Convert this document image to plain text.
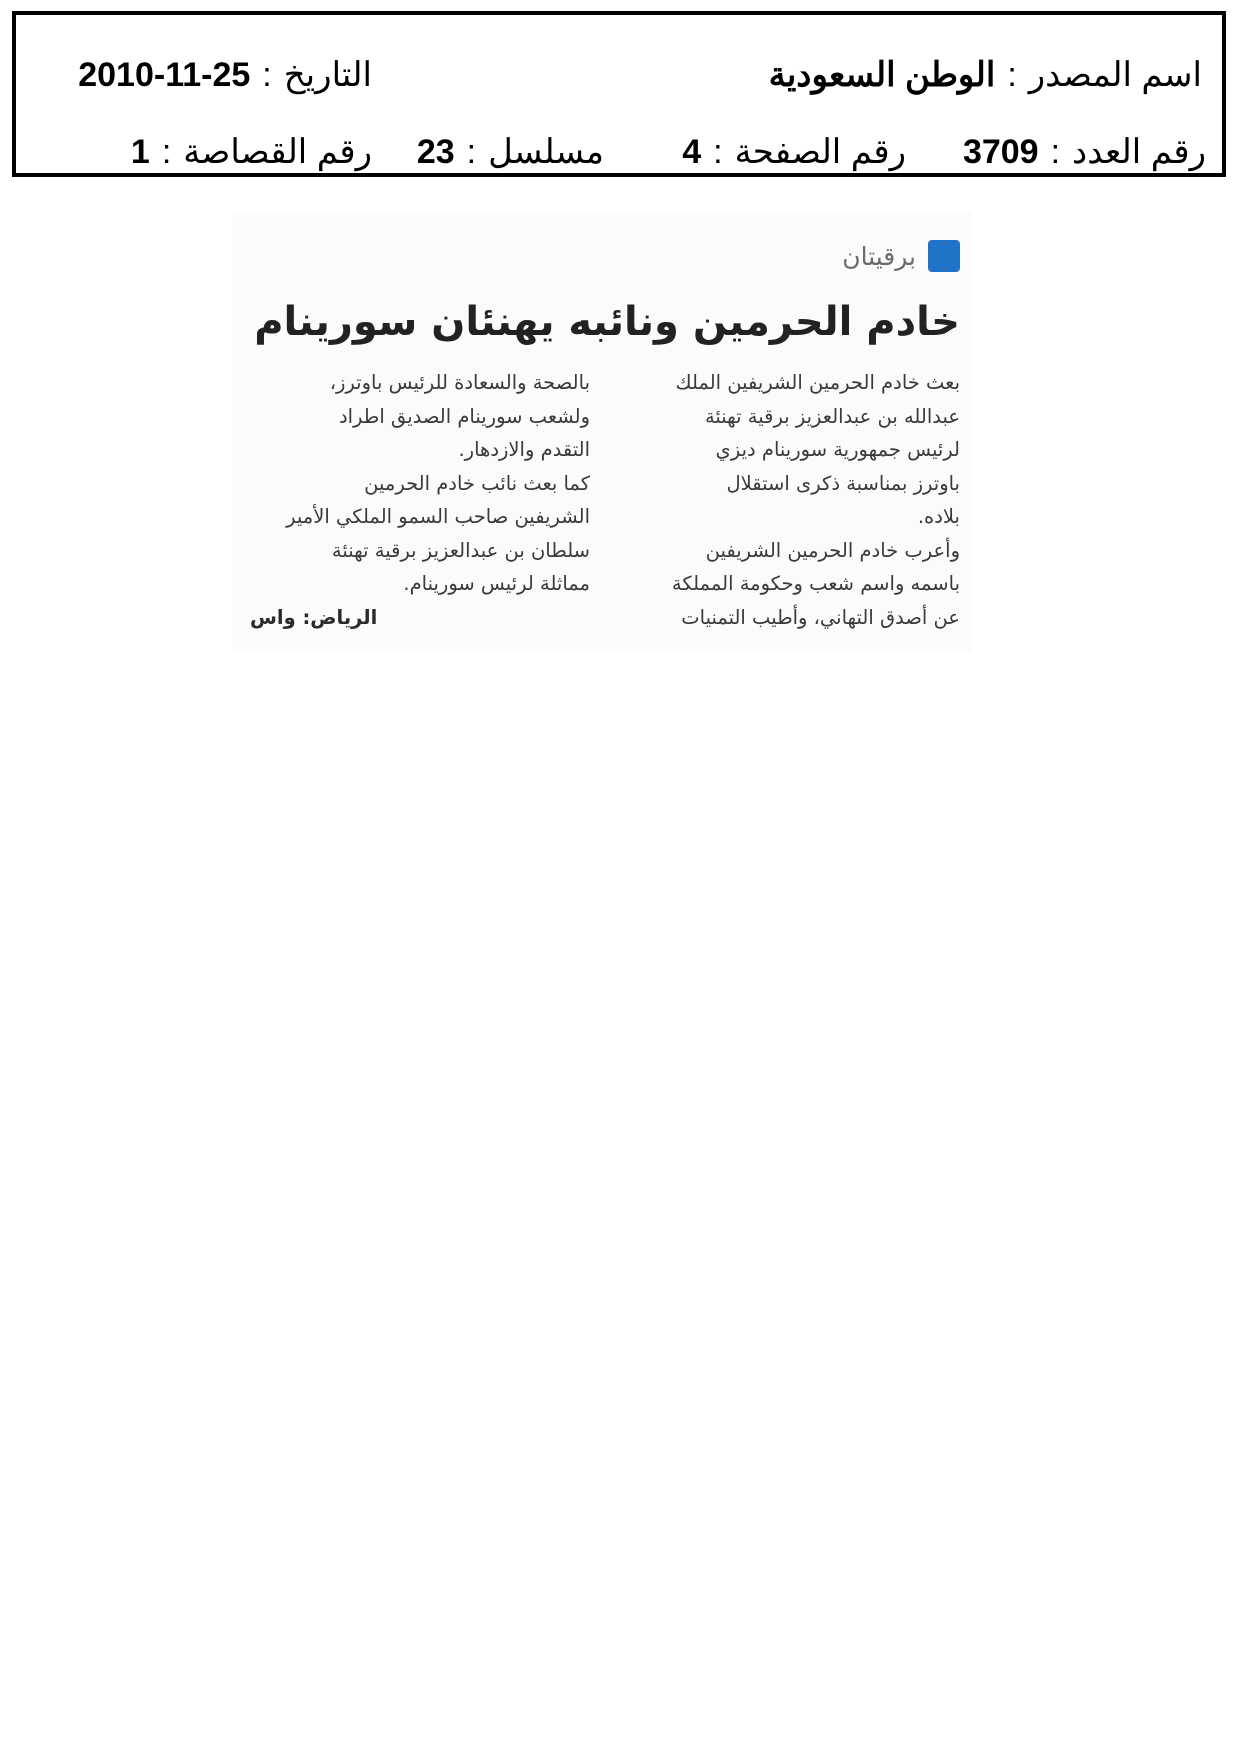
اسم المصدر:الوطن السعودية
التاريخ:2010-11-25
رقم العدد:3709
رقم الصفحة:4
مسلسل:23
رقم القصاصة:1
برقيتان
خادم الحرمين ونائبه يهنئان سورينام

بعث خادم الحرمين الشريفين الملك

عبدالله بن عبدالعزيز برقية تهنئة

لرئيس جمهورية سورينام ديزي

باوترز بمناسبة ذكرى استقلال

بلاده.

وأعرب خادم الحرمين الشريفين

باسمه واسم شعب وحكومة المملكة

عن أصدق التهاني، وأطيب التمنيات

بالصحة والسعادة للرئيس باوترز،

ولشعب سورينام الصديق اطراد

التقدم والازدهار.

كما بعث نائب خادم الحرمين

الشريفين صاحب السمو الملكي الأمير

سلطان بن عبدالعزيز برقية تهنئة

مماثلة لرئيس سورينام.

الرياض: واس
